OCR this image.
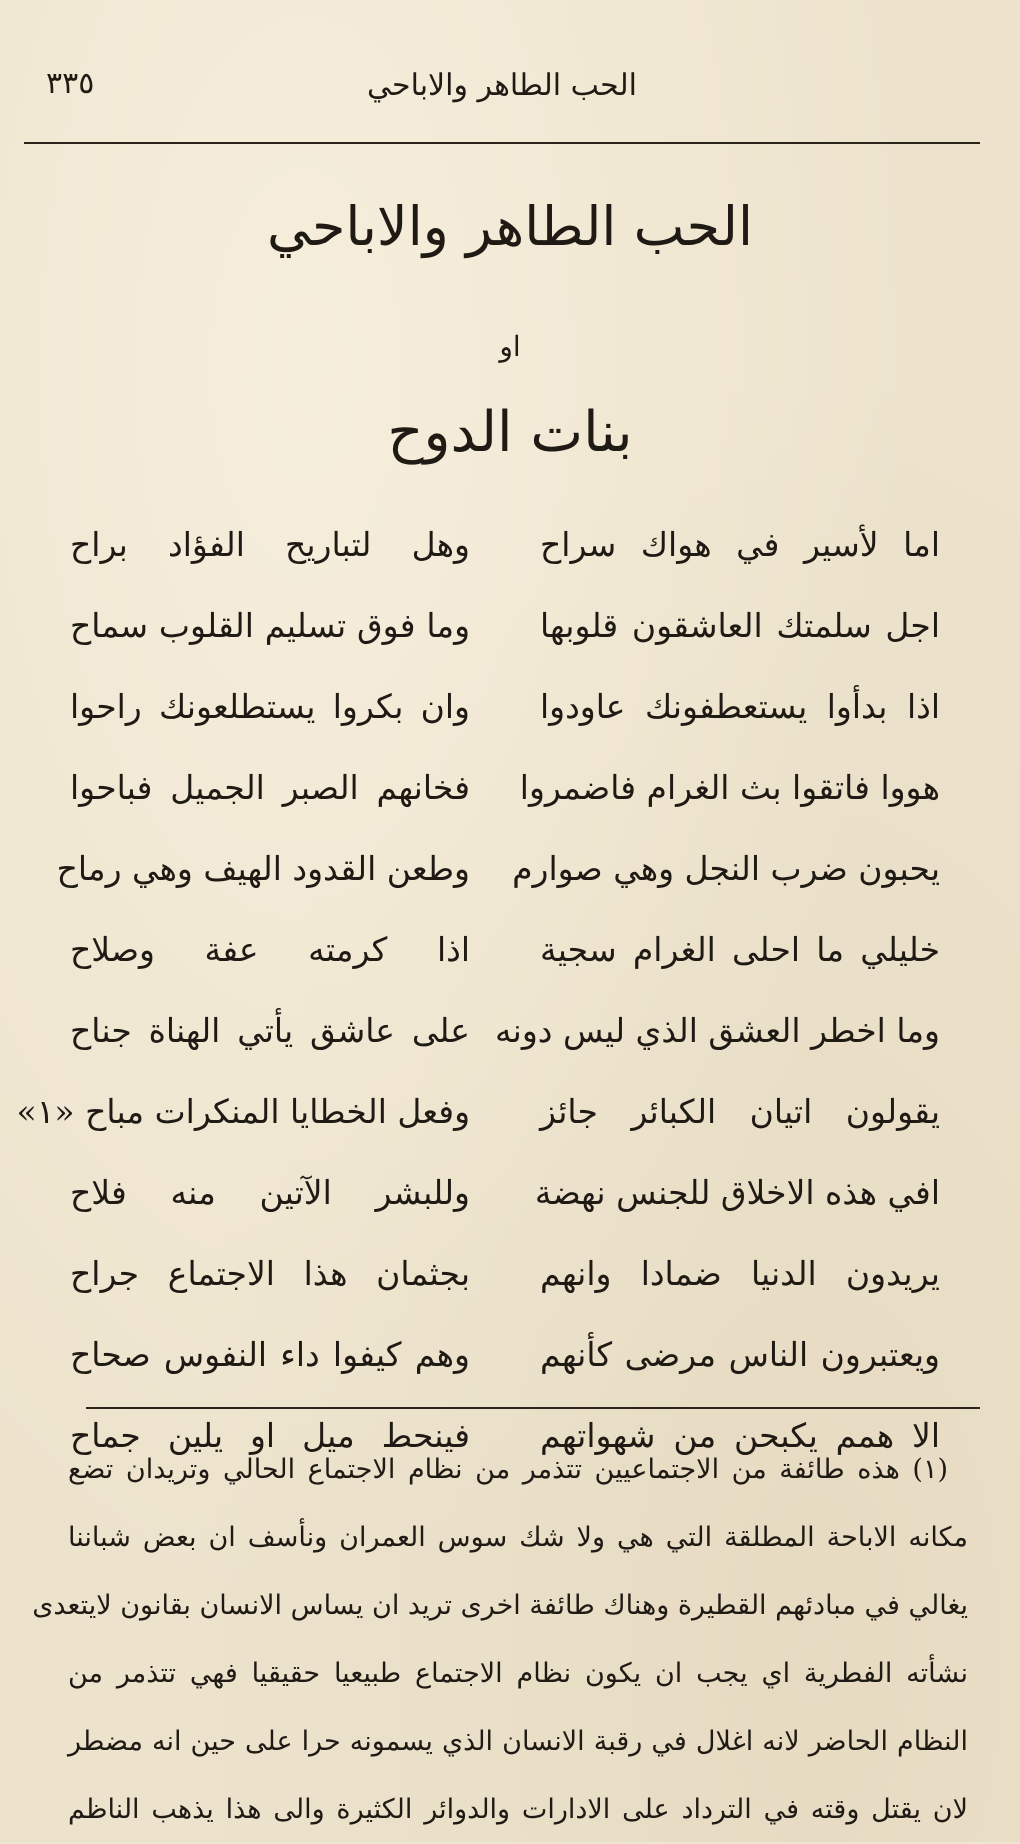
٣٣٥	الحب الطاهر والاباحي
الحب الطاهر والاباحي
او
بنات الدوح
اما لأسير في هواك سراح
وهل لتباريح الفؤاد براح
اجل سلمتك العاشقون قلوبها
وما فوق تسليم القلوب سماح
اذا بدأوا يستعطفونك عاودوا
وان بكروا يستطلعونك راحوا
هووا فاتقوا بث الغرام فاضمروا
فخانهم الصبر الجميل فباحوا
يحبون ضرب النجل وهي صوارم
وطعن القدود الهيف وهي رماح
خليلي ما احلى الغرام سجية
اذا كرمته عفة وصلاح
وما اخطر العشق الذي ليس دونه
على عاشق يأتي الهناة جناح
يقولون اتيان الكبائر جائز
وفعل الخطايا المنكرات مباح «١»
افي هذه الاخلاق للجنس نهضة
وللبشر الآتين منه فلاح
يريدون الدنيا ضمادا وانهم
بجثمان هذا الاجتماع جراح
ويعتبرون الناس مرضى كأنهم
وهم كيفوا داء النفوس صحاح
الا همم يكبحن من شهواتهم
فينحط ميل او يلين جماح
(١) هذه طائفة من الاجتماعيين تتذمر من نظام الاجتماع الحالي وتريدان تضع
مكانه الاباحة المطلقة التي هي ولا شك سوس العمران ونأسف ان بعض شباننا
يغالي في مبادئهم القطيرة وهناك طائفة اخرى تريد ان يساس الانسان بقانون لايتعدى
نشأته الفطرية اي يجب ان يكون نظام الاجتماع طبيعيا حقيقيا فهي تتذمر من
النظام الحاضر لانه اغلال في رقبة الانسان الذي يسمونه حرا على حين انه مضطر
لان يقتل وقته في الترداد على الادارات والدوائر الكثيرة والى هذا يذهب الناظم
